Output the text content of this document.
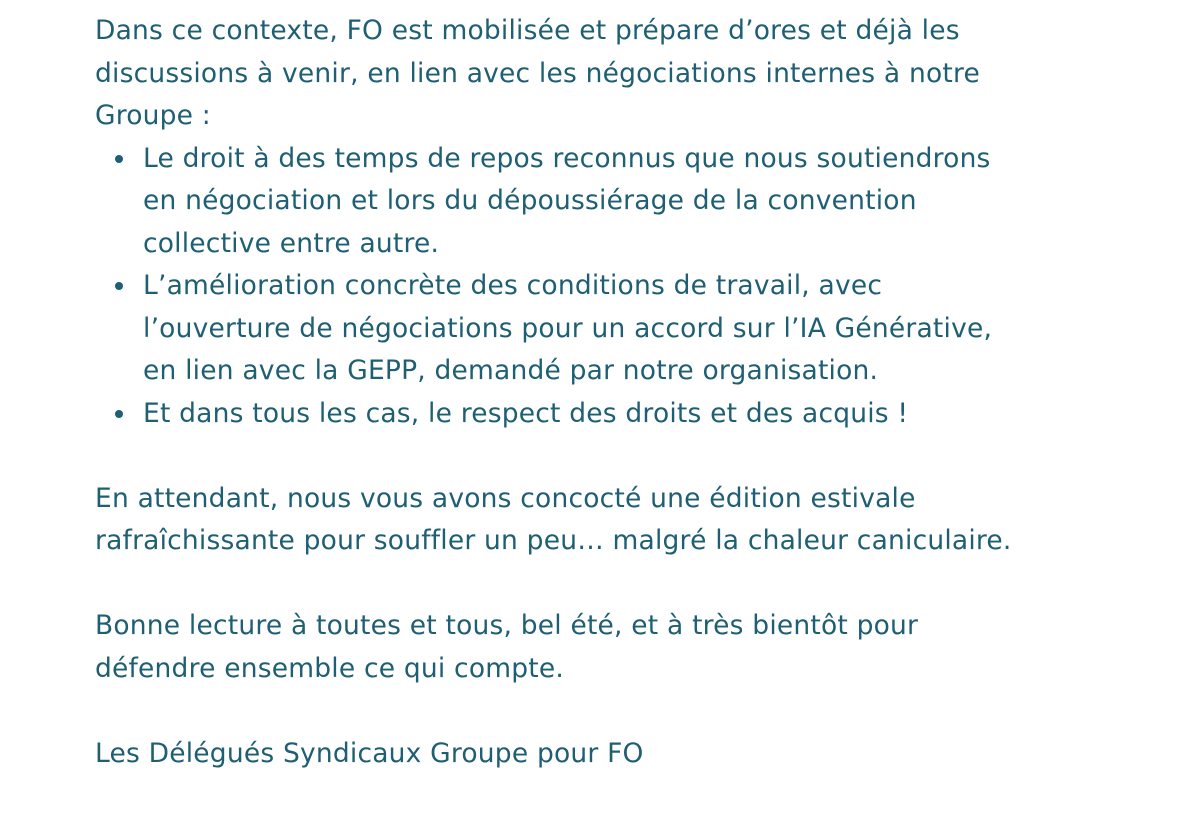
Dans ce contexte, FO est mobilisée et prépare d’ores et déjà les
discussions à venir, en lien avec les négociations internes à notre
Groupe :

Le droit à des temps de repos reconnus que nous soutiendrons
en négociation et lors du dépoussiérage de la convention
collective entre autre.
L’amélioration concrète des conditions de travail, avec
l’ouverture de négociations pour un accord sur l’IA Générative,
en lien avec la GEPP, demandé par notre organisation.
Et dans tous les cas, le respect des droits et des acquis !

En attendant, nous vous avons concocté une édition estivale
rafraîchissante pour souffler un peu… malgré la chaleur caniculaire.

Bonne lecture à toutes et tous, bel été, et à très bientôt pour
défendre ensemble ce qui compte.

Les Délégués Syndicaux Groupe pour FO
